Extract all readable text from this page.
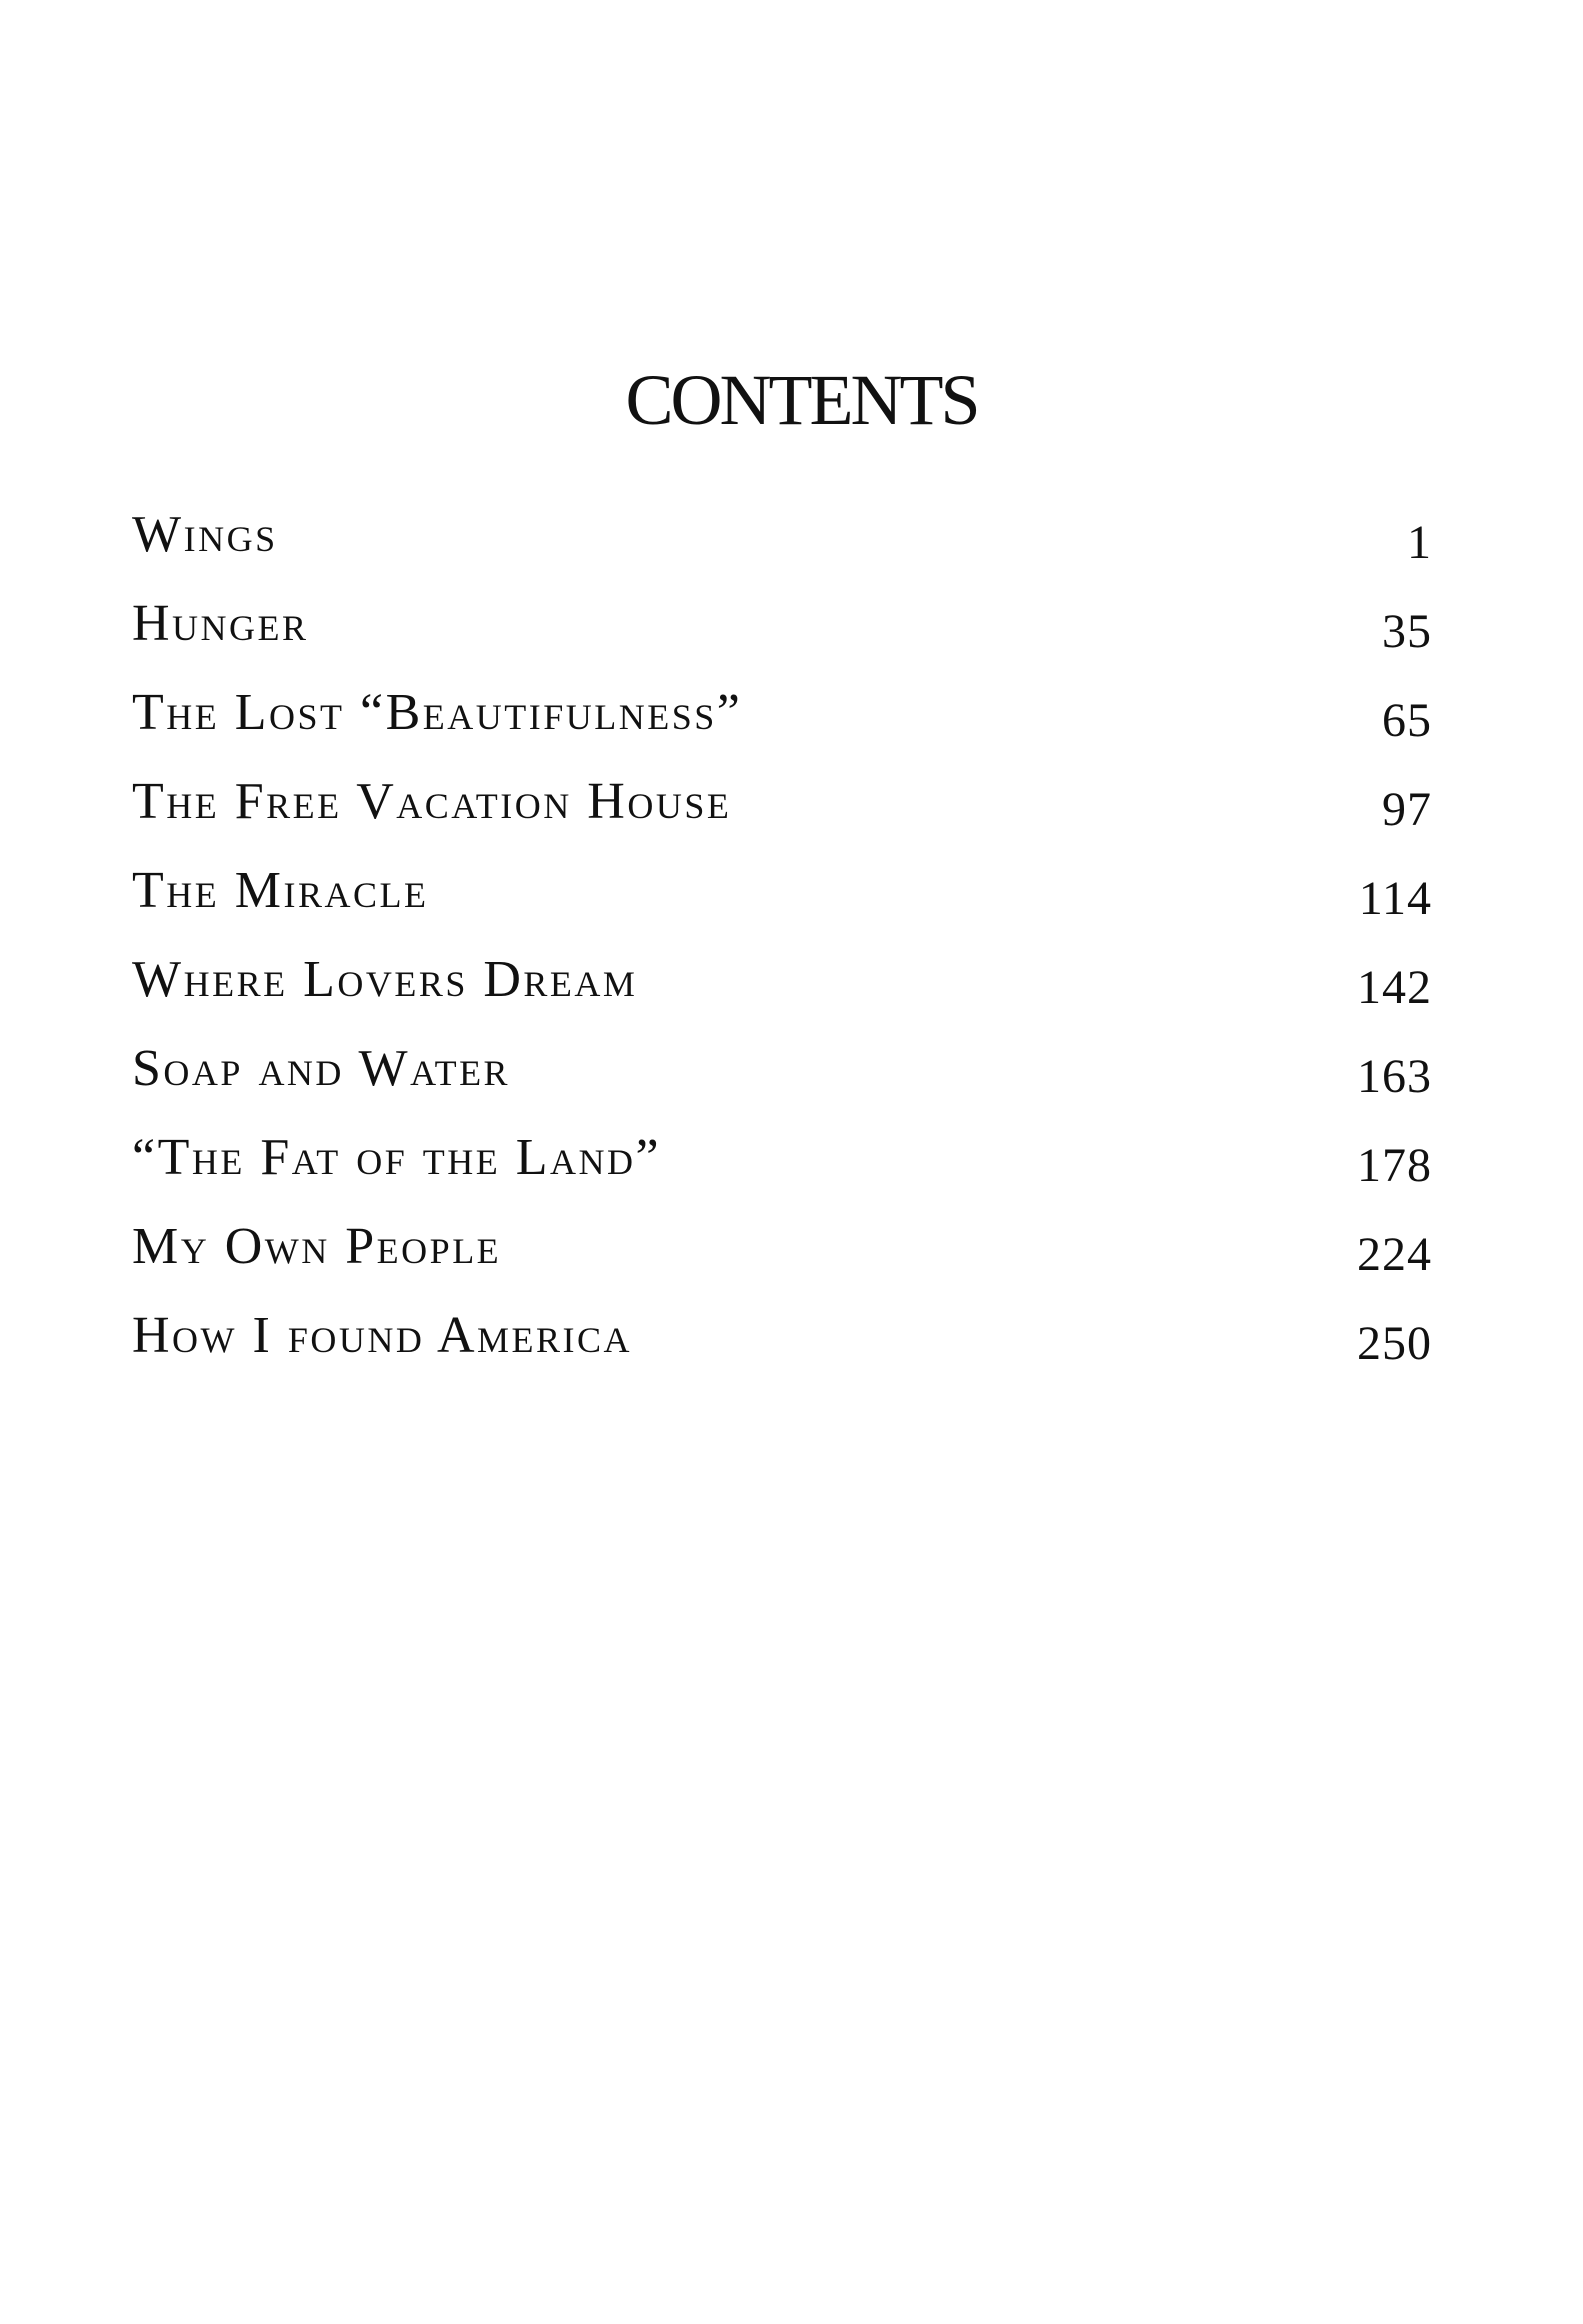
CONTENTS
Wings	1
Hunger	35
The Lost “Beautifulness”	65
The Free Vacation House	97
The Miracle	114
Where Lovers Dream	142
Soap and Water	163
“The Fat of the Land”	178
My Own People	224
How I found America	250
